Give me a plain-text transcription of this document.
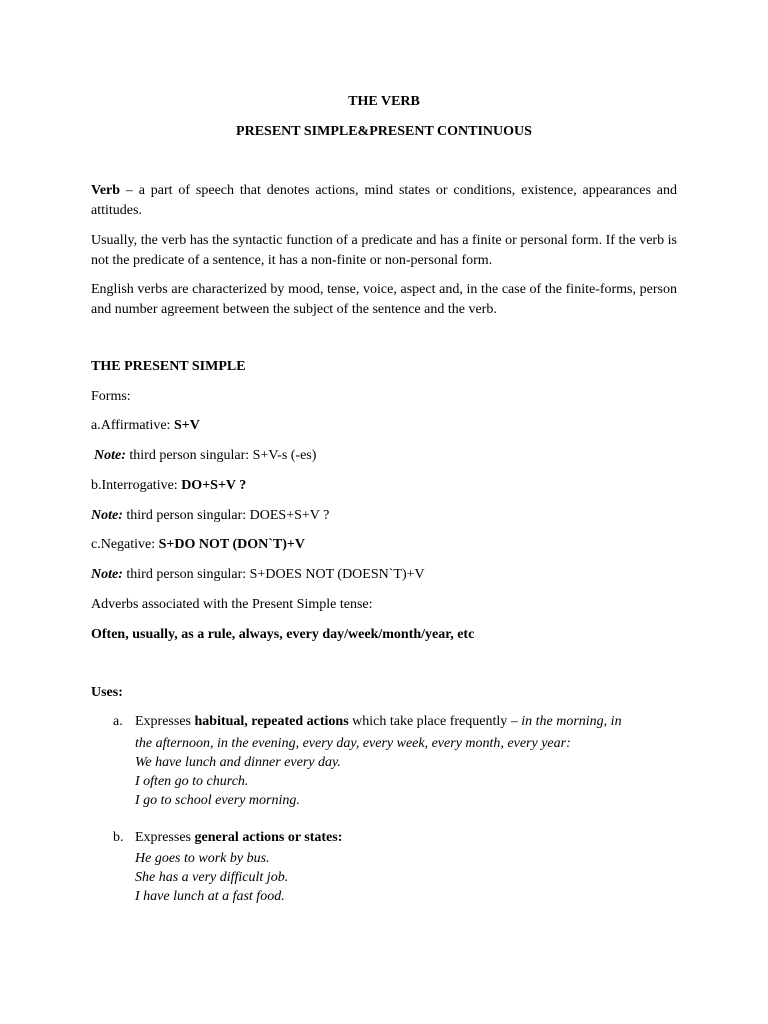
THE VERB
PRESENT SIMPLE&PRESENT CONTINUOUS
Verb – a part of speech that denotes actions, mind states or conditions, existence, appearances and attitudes.
Usually, the verb has the syntactic function of a predicate and has a finite or personal form. If the verb is not the predicate of a sentence, it has a non-finite or non-personal form.
English verbs are characterized by mood, tense, voice, aspect and, in the case of the finite-forms, person and number agreement between the subject of the sentence and the verb.
THE PRESENT SIMPLE
Forms:
a.Affirmative: S+V
Note: third person singular: S+V-s (-es)
b.Interrogative: DO+S+V ?
Note: third person singular: DOES+S+V ?
c.Negative: S+DO NOT (DON`T)+V
Note: third person singular: S+DOES NOT (DOESN`T)+V
Adverbs associated with the Present Simple tense:
Often, usually, as a rule, always, every day/week/month/year, etc
Uses:
a. Expresses habitual, repeated actions which take place frequently – in the morning, in
the afternoon, in the evening, every day, every week, every month, every year:
We have lunch and dinner every day.
I often go to church.
I go to school every morning.
b. Expresses general actions or states:
He goes to work by bus.
She has a very difficult job.
I have lunch at a fast food.
